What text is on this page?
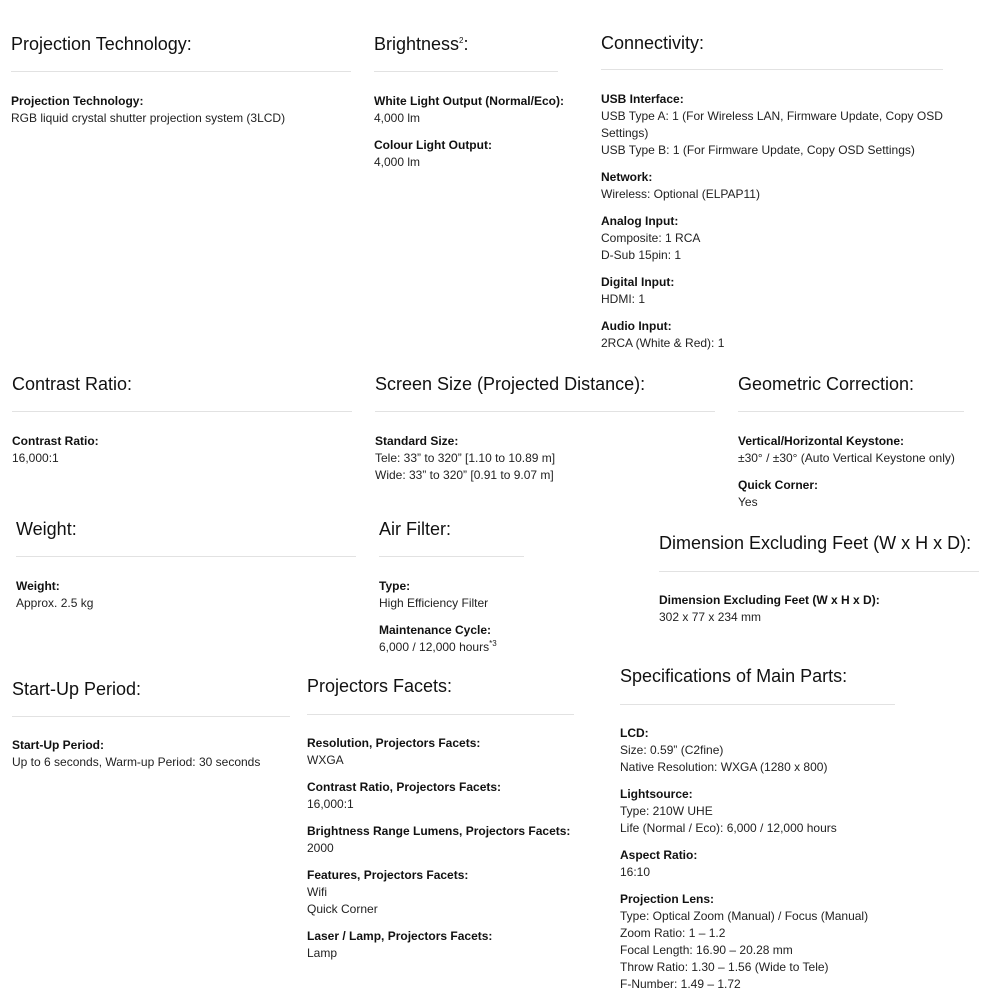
Projection Technology:
Projection Technology:
RGB liquid crystal shutter projection system (3LCD)
Brightness$^2$:
White Light Output (Normal/Eco):
4,000 lm
Colour Light Output:
4,000 lm
Connectivity:
USB Interface:
USB Type A: 1 (For Wireless LAN, Firmware Update, Copy OSD Settings)
USB Type B: 1 (For Firmware Update, Copy OSD Settings)
Network:
Wireless: Optional (ELPAP11)
Analog Input:
Composite: 1 RCA
D-Sub 15pin: 1
Digital Input:
HDMI: 1
Audio Input:
2RCA (White & Red): 1
Contrast Ratio:
Contrast Ratio:
16,000:1
Screen Size (Projected Distance):
Standard Size:
Tele: 33” to 320” [1.10 to 10.89 m]
Wide: 33” to 320” [0.91 to 9.07 m]
Geometric Correction:
Vertical/Horizontal Keystone:
±30° / ±30° (Auto Vertical Keystone only)
Quick Corner:
Yes
Weight:
Weight:
Approx. 2.5 kg
Air Filter:
Type:
High Efficiency Filter
Maintenance Cycle:
6,000 / 12,000 hours$^{*3}$
Dimension Excluding Feet (W x H x D):
Dimension Excluding Feet (W x H x D):
302 x 77 x 234 mm
Start-Up Period:
Start-Up Period:
Up to 6 seconds, Warm-up Period: 30 seconds
Projectors Facets:
Resolution, Projectors Facets:
WXGA
Contrast Ratio, Projectors Facets:
16,000:1
Brightness Range Lumens, Projectors Facets:
2000
Features, Projectors Facets:
Wifi
Quick Corner
Laser / Lamp, Projectors Facets:
Lamp
Specifications of Main Parts:
LCD:
Size: 0.59” (C2fine)
Native Resolution: WXGA (1280 x 800)
Lightsource:
Type: 210W UHE
Life (Normal / Eco): 6,000 / 12,000 hours
Aspect Ratio:
16:10
Projection Lens:
Type: Optical Zoom (Manual) / Focus (Manual)
Zoom Ratio: 1 – 1.2
Focal Length: 16.90 – 20.28 mm
Throw Ratio: 1.30 – 1.56 (Wide to Tele)
F-Number: 1.49 – 1.72
